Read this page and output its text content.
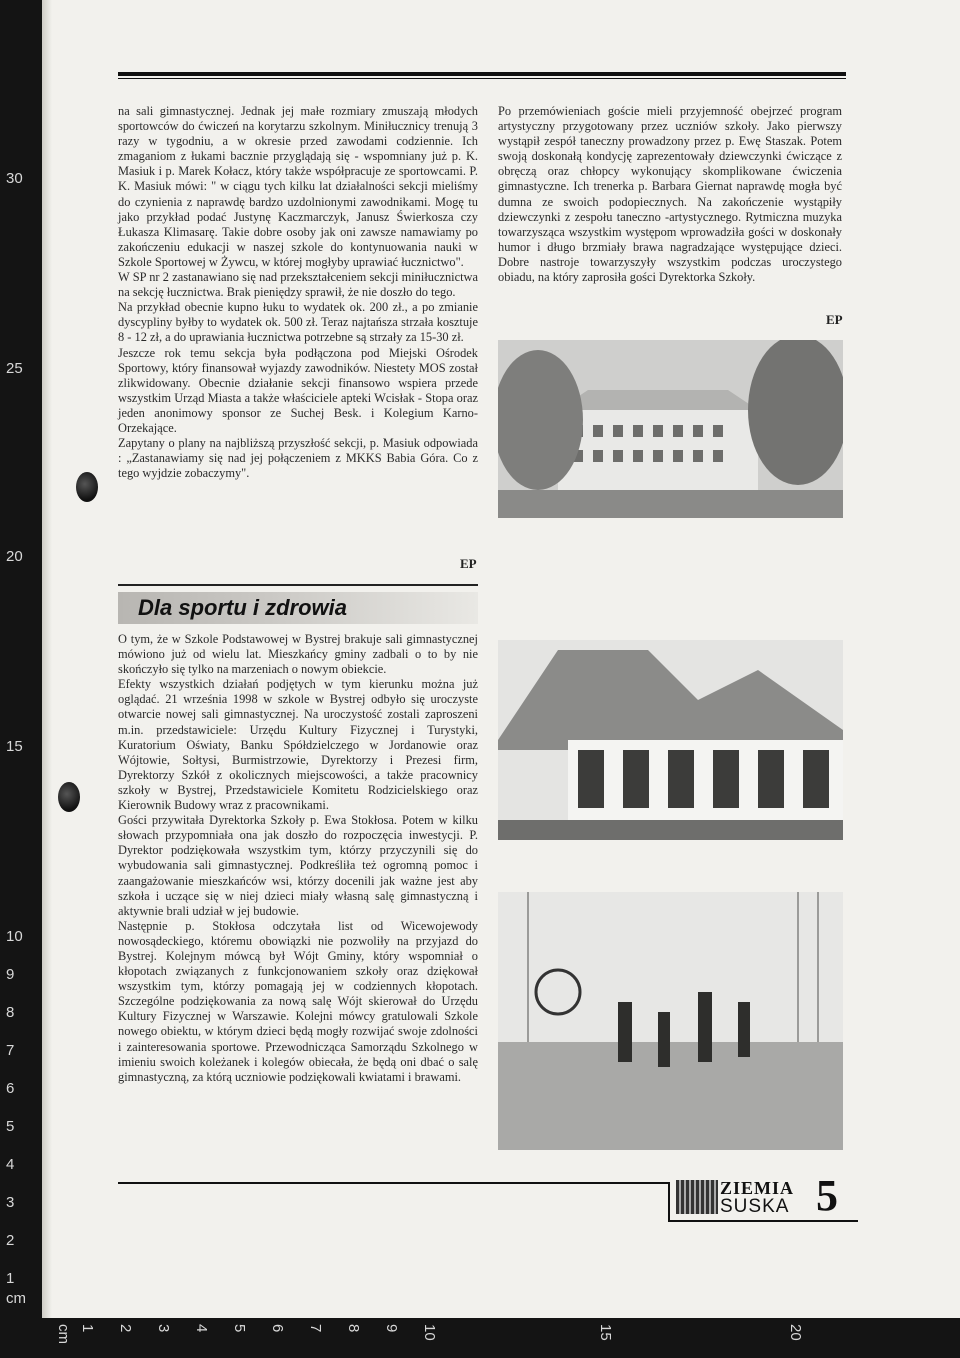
30
25
20
15
10
9
8
7
6
5
4
3
2
1
cm
cm 1 2 3 4 5 6 7 8 9 10	15	20

na sali gimnastycznej. Jednak jej małe rozmiary zmuszają młodych sportowców do ćwiczeń na korytarzu szkolnym. Miniłucznicy trenują 3 razy w tygodniu, a w okresie przed zawodami codziennie. Ich zmaganiom z łukami bacznie przyglądają się - wspomniany już p. K. Masiuk i p. Marek Kołacz, który także współpracuje ze sportowcami. P. K. Masiuk mówi: " w ciągu tych kilku lat działalności sekcji mieliśmy do czynienia z naprawdę bardzo uzdolnionymi zawodnikami. Mogę tu jako przykład podać Justynę Kaczmarczyk, Janusz Świerkosza czy Łukasza Klimasarę. Takie dobre osoby jak oni zawsze namawiamy po zakończeniu edukacji w naszej szkole do kontynuowania nauki w Szkole Sportowej w Żywcu, w której mogłyby uprawiać łucznictwo".

W SP nr 2 zastanawiano się nad przekształceniem sekcji miniłucznictwa na sekcję łucznictwa. Brak pieniędzy sprawił, że nie doszło do tego.

Na przykład obecnie kupno łuku to wydatek ok. 200 zł., a po zmianie dyscypliny byłby to wydatek ok. 500 zł. Teraz najtańsza strzała kosztuje 8 - 12 zł, a do uprawiania łucznictwa potrzebne są strzały za 15-30 zł.

Jeszcze rok temu sekcja była podłączona pod Miejski Ośrodek Sportowy, który finansował wyjazdy zawodników. Niestety MOS został zlikwidowany. Obecnie działanie sekcji finansowo wspiera przede wszystkim Urząd Miasta a także właściciele apteki Wcisłak - Stopa oraz jeden anonimowy sponsor ze Suchej Besk. i Kolegium Karno-Orzekające.

Zapytany o plany na najbliższą przyszłość sekcji, p. Masiuk odpowiada : „Zastanawiamy się nad jej połączeniem z MKKS Babia Góra. Co z tego wyjdzie zobaczymy".

EP

Po przemówieniach goście mieli przyjemność obejrzeć program artystyczny przygotowany przez uczniów szkoły. Jako pierwszy wystąpił zespół taneczny prowadzony przez p. Ewę Staszak. Potem swoją doskonałą kondycję zaprezentowały dziewczynki ćwiczące z obręczą oraz chłopcy wykonujący skomplikowane ćwiczenia gimnastyczne. Ich trenerka p. Barbara Giernat naprawdę mogła być dumna ze swoich podopiecznych. Na zakończenie wystąpiły dziewczynki z zespołu taneczno -artystycznego. Rytmiczna muzyka towarzysząca wszystkim występom wprowadziła gości w doskonały humor i długo brzmiały brawa nagradzające występujące dzieci. Dobre nastroje towarzyszyły wszystkim podczas uroczystego obiadu, na który zaprosiła gości Dyrektorka Szkoły.

EP
Dla sportu i zdrowia

O tym, że w Szkole Podstawowej w Bystrej brakuje sali gimnastycznej mówiono już od wielu lat. Mieszkańcy gminy zadbali o to by nie skończyło się tylko na marzeniach o nowym obiekcie.

Efekty wszystkich działań podjętych w tym kierunku można już oglądać. 21 września 1998 w szkole w Bystrej odbyło się uroczyste otwarcie nowej sali gimnastycznej. Na uroczystość zostali zaproszeni m.in. przedstawiciele: Urzędu Kultury Fizycznej i Turystyki, Kuratorium Oświaty, Banku Spółdzielczego w Jordanowie oraz Wójtowie, Sołtysi, Burmistrzowie, Dyrektorzy i Prezesi firm, Dyrektorzy Szkół z okolicznych miejscowości, a także pracownicy szkoły w Bystrej, Przedstawiciele Komitetu Rodzicielskiego oraz Kierownik Budowy wraz z pracownikami.

Gości przywitała Dyrektorka Szkoły p. Ewa Stokłosa. Potem w kilku słowach przypomniała ona jak doszło do rozpoczęcia inwestycji. P. Dyrektor podziękowała wszystkim tym, którzy przyczynili się do wybudowania sali gimnastycznej. Podkreśliła też ogromną pomoc i zaangażowanie mieszkańców wsi, którzy docenili jak ważne jest aby szkoła i uczące się w niej dzieci miały własną salę gimnastyczną i aktywnie brali udział w jej budowie.

Następnie p. Stokłosa odczytała list od Wicewojewody nowosądeckiego, któremu obowiązki nie pozwoliły na przyjazd do Bystrej. Kolejnym mówcą był Wójt Gminy, który wspomniał o kłopotach związanych z funkcjonowaniem szkoły oraz dziękował wszystkim tym, którzy pomagają jej w codziennych kłopotach. Szczególne podziękowania za nową salę Wójt skierował do Urzędu Kultury Fizycznej w Warszawie. Kolejni mówcy gratulowali Szkole nowego obiektu, w którym dzieci będą mogły rozwijać swoje zdolności i zainteresowania sportowe. Przewodnicząca Samorządu Szkolnego w imieniu swoich koleżanek i kolegów obiecała, że będą oni dbać o salę gimnastyczną, za którą uczniowie podziękowali kwiatami i brawami.

ZIEMIA
SUSKA 5
